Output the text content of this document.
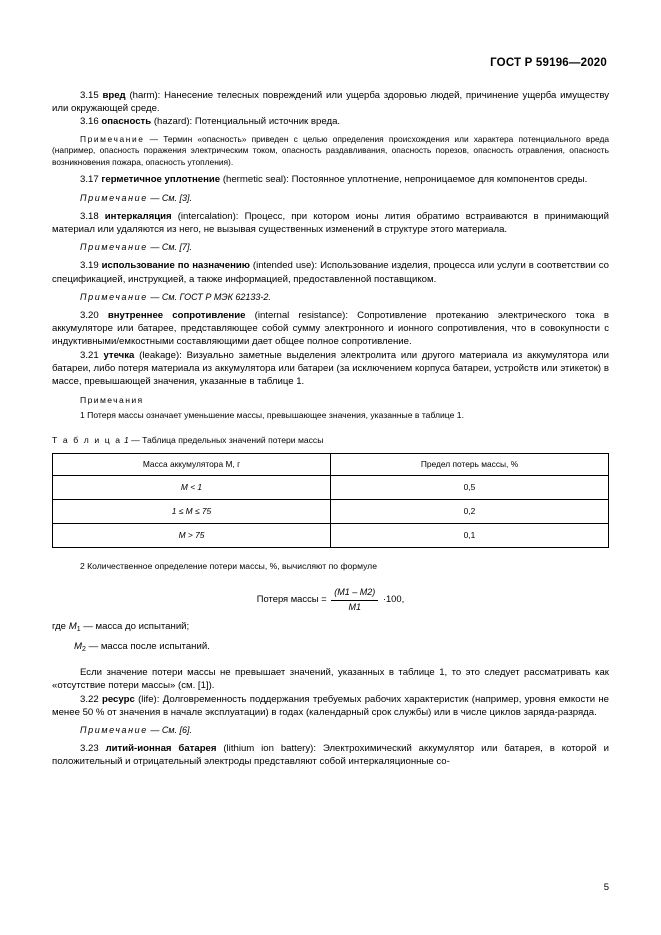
ГОСТ Р 59196—2020

3.15 вред (harm): Нанесение телесных повреждений или ущерба здоровью людей, причинение ущерба имуществу или окружающей среде.

3.16 опасность (hazard): Потенциальный источник вреда.

Примечание — Термин «опасность» приведен с целью определения происхождения или характера потенциального вреда (например, опасность поражения электрическим током, опасность раздавливания, опасность порезов, опасность отравления, опасность возникновения пожара, опасность утопления).

3.17 герметичное уплотнение (hermetic seal): Постоянное уплотнение, непроницаемое для компонентов среды.

Примечание — См. [3].

3.18 интеркаляция (intercalation): Процесс, при котором ионы лития обратимо встраиваются в принимающий материал или удаляются из него, не вызывая существенных изменений в структуре этого материала.

Примечание — См. [7].

3.19 использование по назначению (intended use): Использование изделия, процесса или услуги в соответствии со спецификацией, инструкцией, а также информацией, предоставленной поставщиком.

Примечание — См. ГОСТ Р МЭК 62133-2.

3.20 внутреннее сопротивление (internal resistance): Сопротивление протеканию электрического тока в аккумуляторе или батарее, представляющее собой сумму электронного и ионного сопротивления, что в совокупности с индуктивными/емкостными составляющими дает общее полное сопротивление.

3.21 утечка (leakage): Визуально заметные выделения электролита или другого материала из аккумулятора или батареи, либо потеря материала из аккумулятора или батареи (за исключением корпуса батареи, устройств или этикеток) в массе, превышающей значения, указанные в таблице 1.

Примечания

1 Потеря массы означает уменьшение массы, превышающее значения, указанные в таблице 1.

Т а б л и ц а 1 — Таблица предельных значений потери массы

Масса аккумулятора M, г	Предел потерь массы, %
M < 1	0,5
1 ≤ M ≤ 75	0,2
M > 75	0,1

2 Количественное определение потери массы, %, вычисляют по формуле

Потеря массы = $\frac{(M1 - M2)}{M1} \cdot 100$,

где $M_1$ — масса до испытаний;

$M_2$ — масса после испытаний.

Если значение потери массы не превышает значений, указанных в таблице 1, то это следует рассматривать как «отсутствие потери массы» (см. [1]).

3.22 ресурс (life): Долговременность поддержания требуемых рабочих характеристик (например, уровня емкости не менее 50 % от значения в начале эксплуатации) в годах (календарный срок службы) или в числе циклов заряда-разряда.

Примечание — См. [6].

3.23 литий-ионная батарея (lithium ion battery): Электрохимический аккумулятор или батарея, в которой и положительный и отрицательный электроды представляют собой интеркаляционные со-

5
